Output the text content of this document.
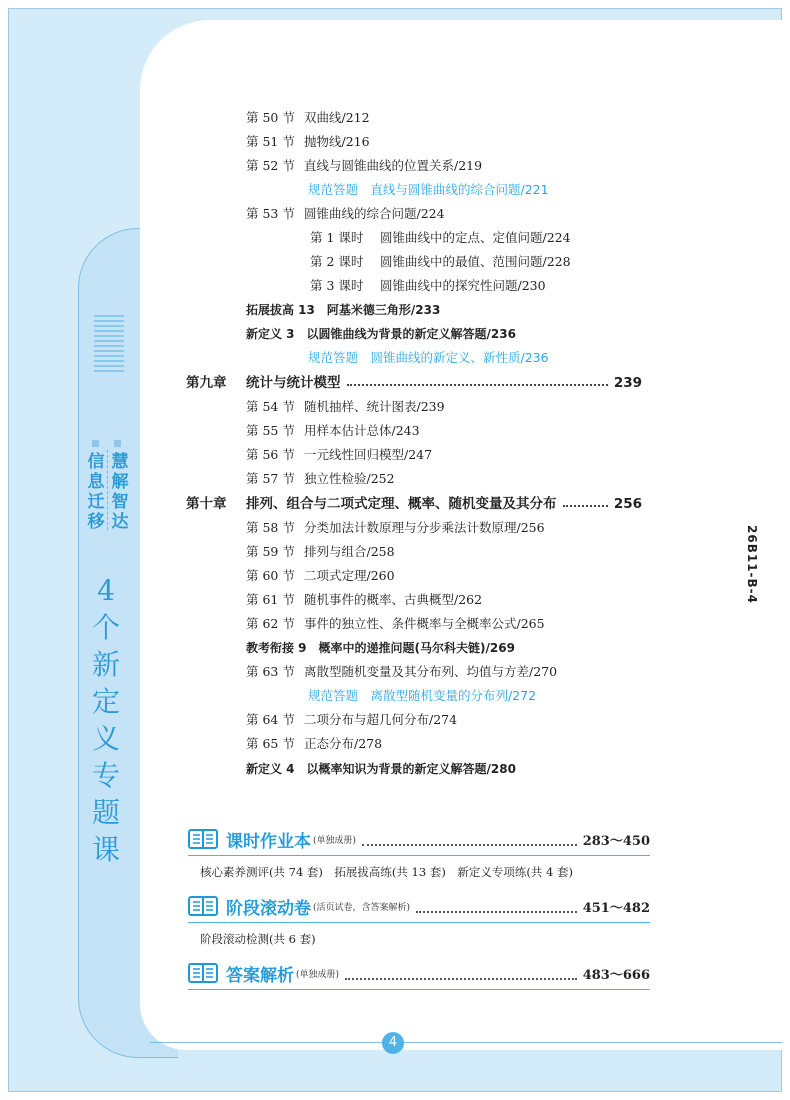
信
息
迁
移
慧
解
智
达
4
个
新
定
义
专
题
课
26B11-B-4
第 50 节 双曲线/212
第 51 节 抛物线/216
第 52 节 直线与圆锥曲线的位置关系/219
规范答题　直线与圆锥曲线的综合问题/221
第 53 节 圆锥曲线的综合问题/224
第 1 课时 圆锥曲线中的定点、定值问题/224
第 2 课时 圆锥曲线中的最值、范围问题/228
第 3 课时 圆锥曲线中的探究性问题/230
拓展拔高 13　阿基米德三角形/233
新定义 3　以圆锥曲线为背景的新定义解答题/236
规范答题　圆锥曲线的新定义、新性质/236
第九章	统计与统计模型	239
第 54 节 随机抽样、统计图表/239
第 55 节 用样本估计总体/243
第 56 节 一元线性回归模型/247
第 57 节 独立性检验/252
第十章	排列、组合与二项式定理、概率、随机变量及其分布	256
第 58 节 分类加法计数原理与分步乘法计数原理/256
第 59 节 排列与组合/258
第 60 节 二项式定理/260
第 61 节 随机事件的概率、古典概型/262
第 62 节 事件的独立性、条件概率与全概率公式/265
教考衔接 9　概率中的递推问题(马尔科夫链)/269
第 63 节 离散型随机变量及其分布列、均值与方差/270
规范答题　离散型随机变量的分布列/272
第 64 节 二项分布与超几何分布/274
第 65 节 正态分布/278
新定义 4　以概率知识为背景的新定义解答题/280
课时作业本 (单独成册)	283～450
核心素养测评(共 74 套)　拓展拔高练(共 13 套)　新定义专项练(共 4 套)
阶段滚动卷 (活页试卷，含答案解析)	451～482
阶段滚动检测(共 6 套)
答案解析 (单独成册)	483～666
4
